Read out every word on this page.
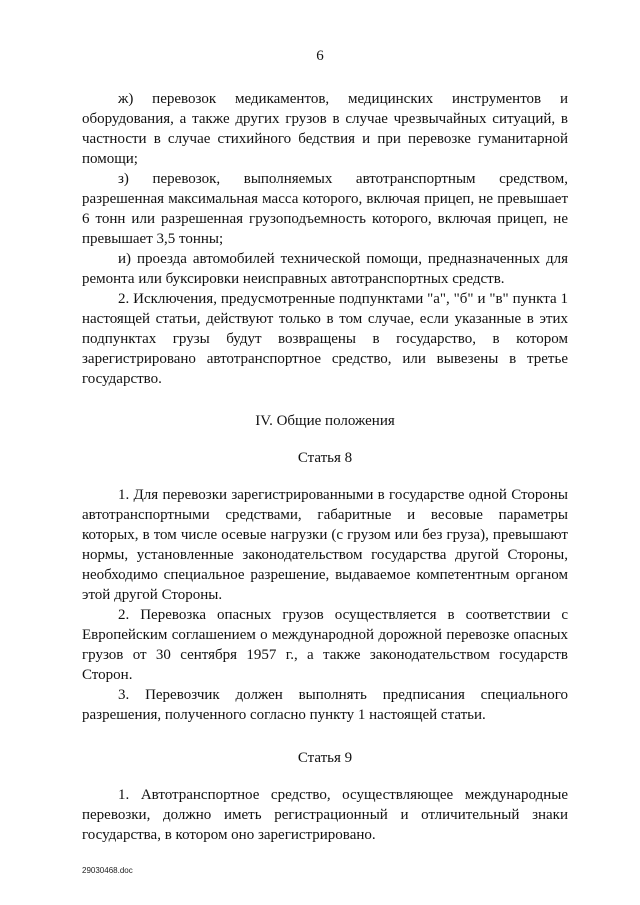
6

ж) перевозок медикаментов, медицинских инструментов и оборудования, а также других грузов в случае чрезвычайных ситуаций, в частности в случае стихийного бедствия и при перевозке гуманитарной помощи;

з) перевозок, выполняемых автотранспортным средством, разрешенная максимальная масса которого, включая прицеп, не превышает 6 тонн или разрешенная грузоподъемность которого, включая прицеп, не превышает 3,5 тонны;

и) проезда автомобилей технической помощи, предназначенных для ремонта или буксировки неисправных автотранспортных средств.

2. Исключения, предусмотренные подпунктами "а", "б" и "в" пункта 1 настоящей статьи, действуют только в том случае, если указанные в этих подпунктах грузы будут возвращены в государство, в котором зарегистрировано автотранспортное средство, или вывезены в третье государство.

IV. Общие положения

Статья 8

1. Для перевозки зарегистрированными в государстве одной Стороны автотранспортными средствами, габаритные и весовые параметры которых, в том числе осевые нагрузки (с грузом или без груза), превышают нормы, установленные законодательством государства другой Стороны, необходимо специальное разрешение, выдаваемое компетентным органом этой другой Стороны.

2. Перевозка опасных грузов осуществляется в соответствии с Европейским соглашением о международной дорожной перевозке опасных грузов от 30 сентября 1957 г., а также законодательством государств Сторон.

3. Перевозчик должен выполнять предписания специального разрешения, полученного согласно пункту 1 настоящей статьи.

Статья 9

1. Автотранспортное средство, осуществляющее международные перевозки, должно иметь регистрационный и отличительный знаки государства, в котором оно зарегистрировано.

29030468.doc
